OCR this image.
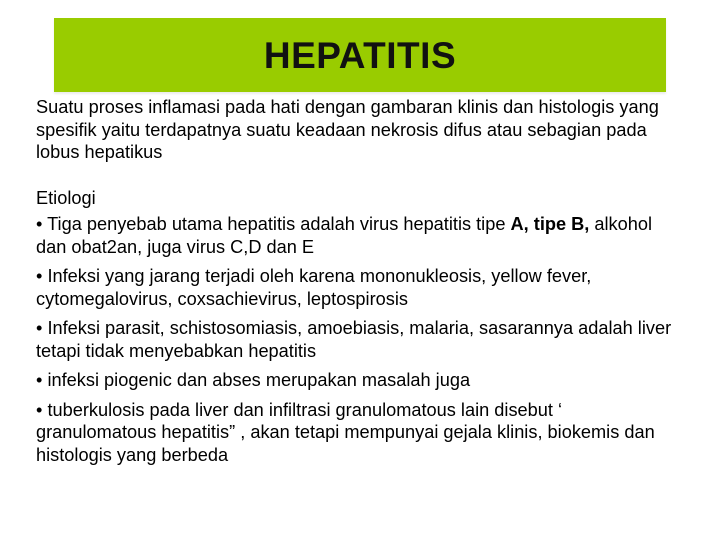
HEPATITIS

Suatu proses inflamasi pada hati dengan gambaran klinis dan histologis yang spesifik yaitu terdapatnya suatu keadaan nekrosis difus atau sebagian pada lobus hepatikus

Etiologi

• Tiga penyebab utama hepatitis adalah virus hepatitis tipe A, tipe B, alkohol dan obat2an, juga virus C,D dan E

• Infeksi yang jarang terjadi oleh karena mononukleosis, yellow fever, cytomegalovirus, coxsachievirus, leptospirosis

• Infeksi parasit, schistosomiasis, amoebiasis, malaria, sasarannya adalah liver tetapi tidak menyebabkan hepatitis

• infeksi piogenic dan abses merupakan masalah juga

• tuberkulosis pada liver dan infiltrasi granulomatous lain disebut ‘ granulomatous hepatitis” , akan tetapi mempunyai gejala klinis, biokemis dan histologis yang berbeda
